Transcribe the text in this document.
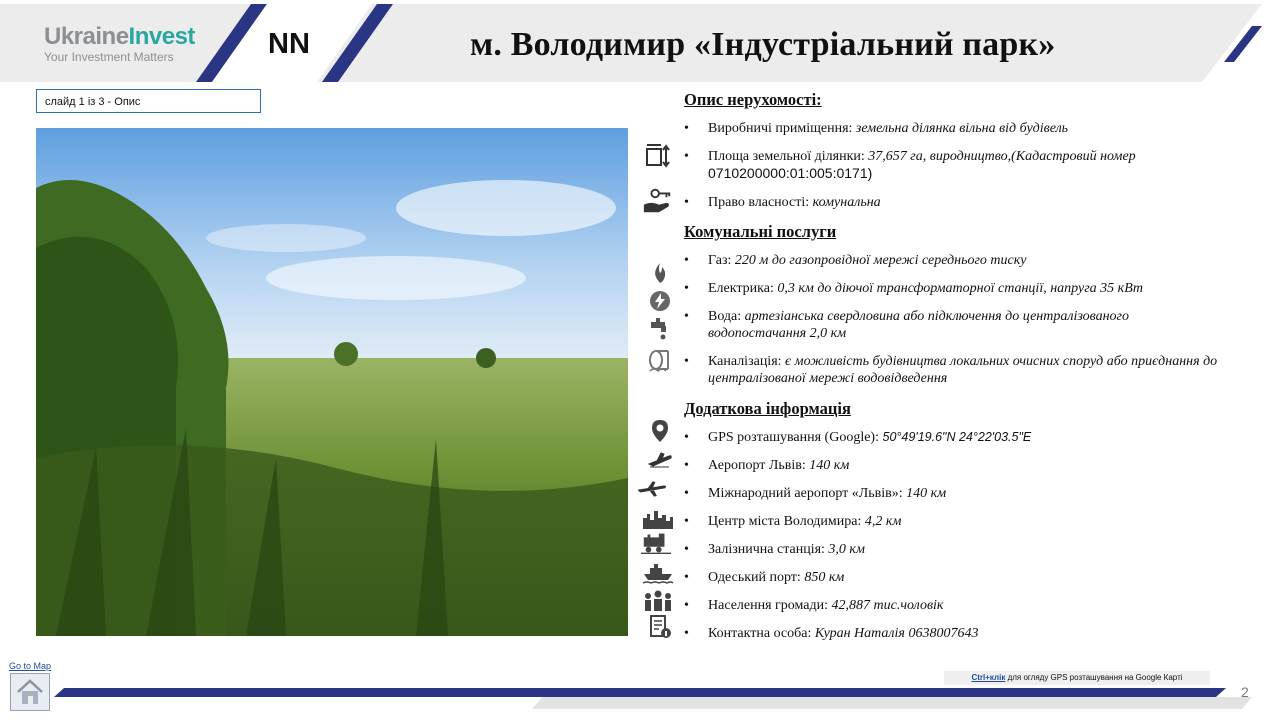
UkraineInvest
Your Investment Matters	NN	м. Володимир «Індустріальний парк»
слайд 1 із 3 - Опис	Опис нерухомості:
• Виробничі приміщення: земельна ділянка вільна від будівель
• Площа земельної ділянки: 37,657 га, виродництво,(Кадастровий номер
0710200000:01:005:0171)
• Право власності: комунальна
Комунальні послуги
• Газ: 220 м до газопровідної мережі середнього тиску
• Електрика: 0,3 км до діючої трансформаторної станції, напруга 35 кВт
• Вода: артезіанська свердловина або підключення до централізованого водопостачання 2,0 км
• Каналізація: є можливість будівництва локальних очисних споруд або приєднання до централізованої мережі водовідведення
Додаткова інформація
• GPS розташування (Google): 50°49'19.6"N 24°22'03.5"E
• Аеропорт Львів: 140 км
• Міжнародний аеропорт «Львів»: 140 км
• Центр міста Володимира: 4,2 км
• Залізнична станція: 3,0 км
• Одеський порт: 850 км
• Населення громади: 42,887 тис.чоловік
• Контактна особа: Куран Наталія 0638007643
Go to Map
Ctrl+клік для огляду GPS розташування на Google Карті
2
